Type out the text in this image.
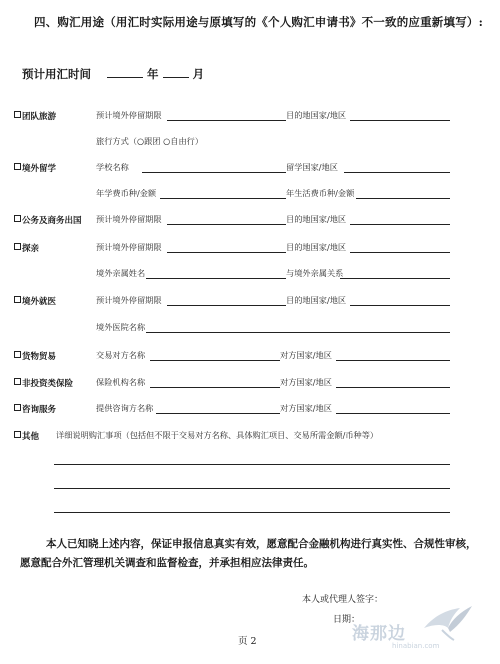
四、购汇用途（用汇时实际用途与原填写的《个人购汇申请书》不一致的应重新填写）:
预计用汇时间	年	月
团队旅游	预计境外停留期限	目的地国家/地区
旅行方式（○跟团 ○自由行）
境外留学	学校名称	留学国家/地区
年学费币种/金额	年生活费币种/金额
公务及商务出国 预计境外停留期限	目的地国家/地区
探亲	预计境外停留期限	目的地国家/地区
境外亲属姓名	与境外亲属关系
境外就医	预计境外停留期限	目的地国家/地区
境外医院名称
货物贸易	交易对方名称	对方国家/地区
非投资类保险	保险机构名称	对方国家/地区
咨询服务	提供咨询方名称	对方国家/地区
其他 详细说明购汇事项（包括但不限于交易对方名称、具体购汇项目、交易所需金额/币种等）
本人已知晓上述内容，保证申报信息真实有效，愿意配合金融机构进行真实性、合规性审核，愿意配合外汇管理机关调查和监督检查，并承担相应法律责任。
本人或代理人签字：
日期：
页 2	海那边
hinabian.com
